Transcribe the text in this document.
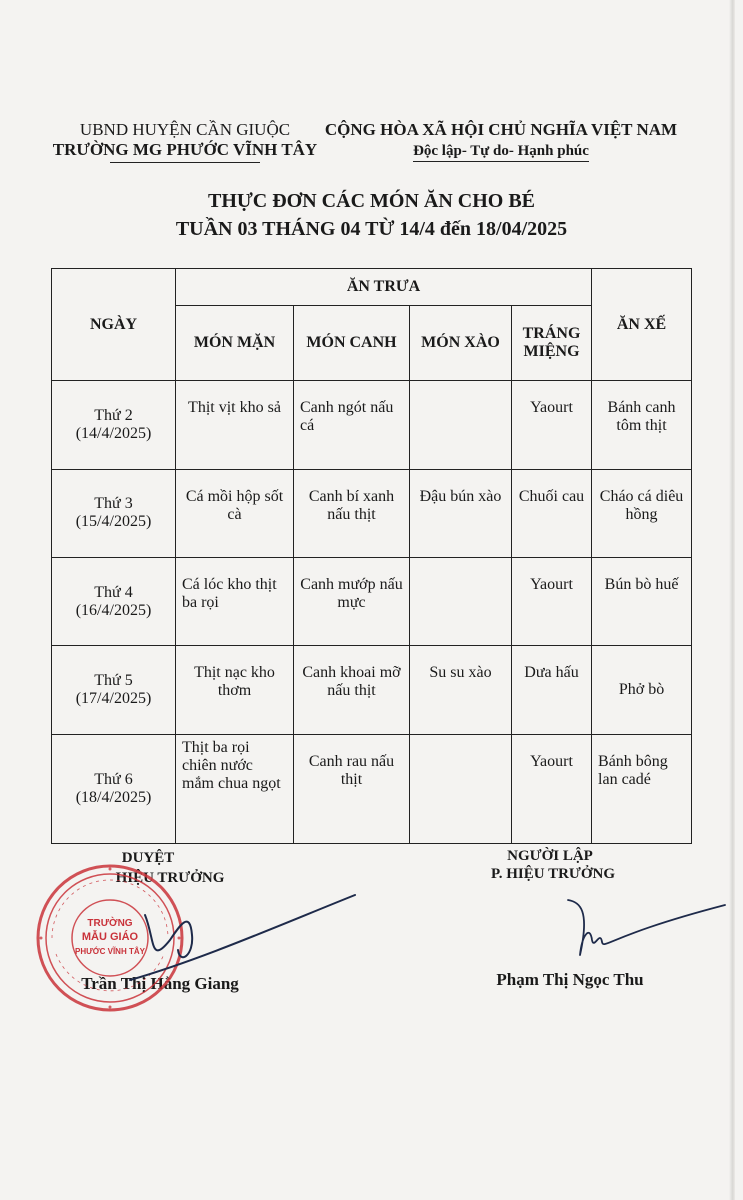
UBND HUYỆN CẦN GIUỘC
TRƯỜNG MG PHƯỚC VĨNH TÂY
CỘNG HÒA XÃ HỘI CHỦ NGHĨA VIỆT NAM
Độc lập- Tự do- Hạnh phúc
THỰC ĐƠN CÁC MÓN ĂN CHO BÉ
TUẦN 03 THÁNG 04 TỪ 14/4 đến 18/04/2025
NGÀY	ĂN TRƯA				ĂN XẾ
	MÓN MẶN	MÓN CANH	MÓN XÀO	TRÁNG MIỆNG	

Thứ 2
(14/4/2025)	Thịt vịt kho sả	Canh ngót nấu cá		Yaourt	Bánh canh tôm thịt

Thứ 3
(15/4/2025)	Cá mồi hộp sốt cà	Canh bí xanh nấu thịt	Đậu bún xào	Chuối cau	Cháo cá diêu hồng

Thứ 4
(16/4/2025)	Cá lóc kho thịt ba rọi	Canh mướp nấu mực		Yaourt	Bún bò huế

Thứ 5
(17/4/2025)	Thịt nạc kho thơm	Canh khoai mỡ nấu thịt	Su su xào	Dưa hấu	Phở bò

Thứ 6
(18/4/2025)	Thịt ba rọi chiên nước mắm chua ngọt	Canh rau nấu thịt		Yaourt	Bánh bông lan cadé
DUYỆT
HIỆU TRƯỞNG
Trần Thị Hằng Giang
NGƯỜI LẬP
P. HIỆU TRƯỞNG
Phạm Thị Ngọc Thu
TRƯỜNG
MẪU GIÁO
PHƯỚC VĨNH TÂY
